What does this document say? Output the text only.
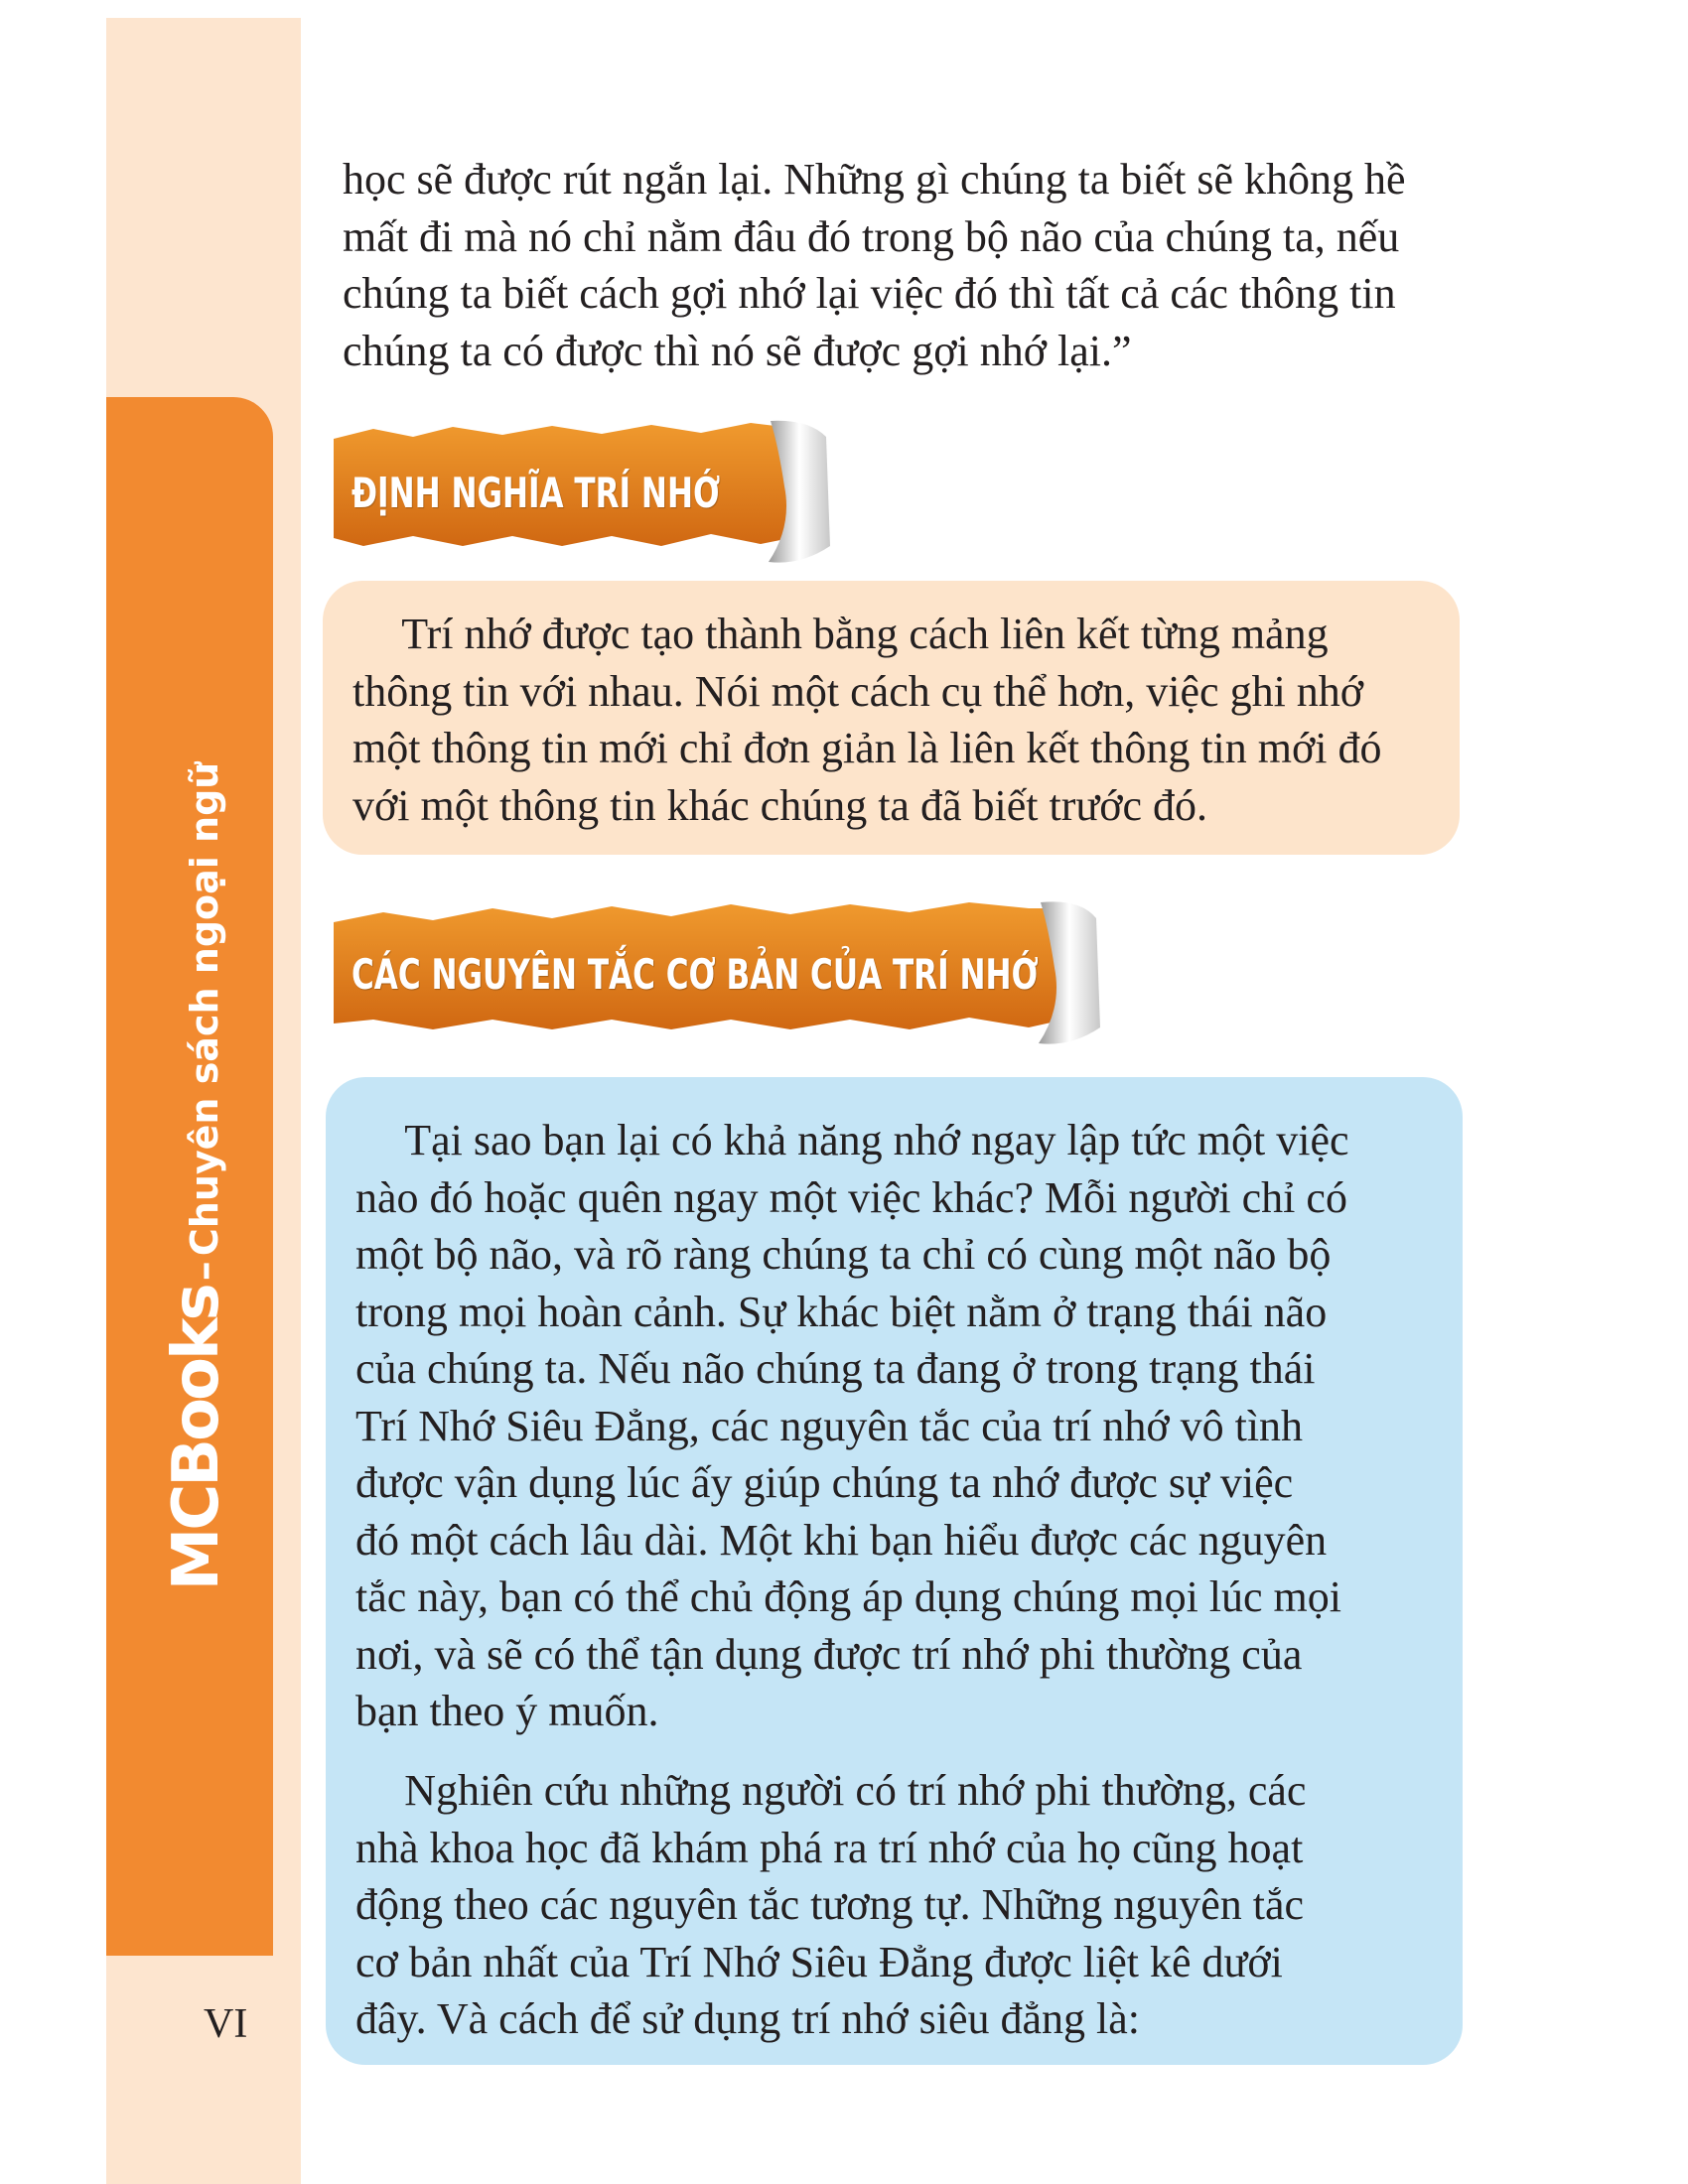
MCBooks – Chuyên sách ngoại ngữ
VI
học sẽ được rút ngắn lại. Những gì chúng ta biết sẽ không hề
mất đi mà nó chỉ nằm đâu đó trong bộ não của chúng ta, nếu
chúng ta biết cách gợi nhớ lại việc đó thì tất cả các thông tin
chúng ta có được thì nó sẽ được gợi nhớ lại.”
ĐỊNH NGHĨA TRÍ NHỚ
Trí nhớ được tạo thành bằng cách liên kết từng mảng
thông tin với nhau. Nói một cách cụ thể hơn, việc ghi nhớ
một thông tin mới chỉ đơn giản là liên kết thông tin mới đó
với một thông tin khác chúng ta đã biết trước đó.
CÁC NGUYÊN TẮC CƠ BẢN CỦA TRÍ NHỚ
Tại sao bạn lại có khả năng nhớ ngay lập tức một việc
nào đó hoặc quên ngay một việc khác? Mỗi người chỉ có
một bộ não, và rõ ràng chúng ta chỉ có cùng một não bộ
trong mọi hoàn cảnh. Sự khác biệt nằm ở trạng thái não
của chúng ta. Nếu não chúng ta đang ở trong trạng thái
Trí Nhớ Siêu Đẳng, các nguyên tắc của trí nhớ vô tình
được vận dụng lúc ấy giúp chúng ta nhớ được sự việc
đó một cách lâu dài. Một khi bạn hiểu được các nguyên
tắc này, bạn có thể chủ động áp dụng chúng mọi lúc mọi
nơi, và sẽ có thể tận dụng được trí nhớ phi thường của
bạn theo ý muốn.
Nghiên cứu những người có trí nhớ phi thường, các
nhà khoa học đã khám phá ra trí nhớ của họ cũng hoạt
động theo các nguyên tắc tương tự. Những nguyên tắc
cơ bản nhất của Trí Nhớ Siêu Đẳng được liệt kê dưới
đây. Và cách để sử dụng trí nhớ siêu đẳng là:
